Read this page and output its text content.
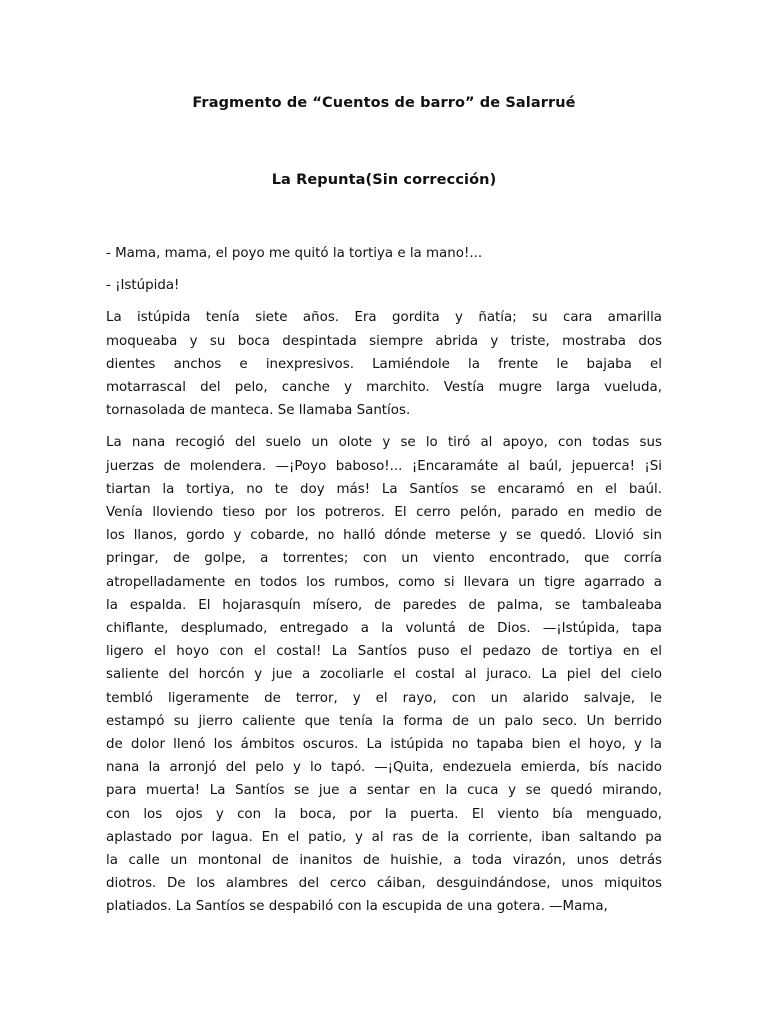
Fragmento de “Cuentos de barro” de Salarrué
La Repunta(Sin corrección)
- Mama, mama, el poyo me quitó la tortiya e la mano!...
- ¡Istúpida!
La istúpida tenía siete años. Era gordita y ñatía; su cara amarilla
moqueaba y su boca despintada siempre abrida y triste, mostraba dos
dientes anchos e inexpresivos. Lamiéndole la frente le bajaba el
motarrascal del pelo, canche y marchito. Vestía mugre larga vueluda,
tornasolada de manteca. Se llamaba Santíos.
La nana recogió del suelo un olote y se lo tiró al apoyo, con todas sus
juerzas de molendera. —¡Poyo baboso!... ¡Encaramáte al baúl, jepuerca! ¡Si
tiartan la tortiya, no te doy más! La Santíos se encaramó en el baúl.
Venía lloviendo tieso por los potreros. El cerro pelón, parado en medio de
los llanos, gordo y cobarde, no halló dónde meterse y se quedó. Llovió sin
pringar, de golpe, a torrentes; con un viento encontrado, que corría
atropelladamente en todos los rumbos, como si llevara un tigre agarrado a
la espalda. El hojarasquín mísero, de paredes de palma, se tambaleaba
chiflante, desplumado, entregado a la voluntá de Dios. —¡Istúpida, tapa
ligero el hoyo con el costal! La Santíos puso el pedazo de tortiya en el
saliente del horcón y jue a zocoliarle el costal al juraco. La piel del cielo
tembló ligeramente de terror, y el rayo, con un alarido salvaje, le
estampó su jierro caliente que tenía la forma de un palo seco. Un berrido
de dolor llenó los ámbitos oscuros. La istúpida no tapaba bien el hoyo, y la
nana la arronjó del pelo y lo tapó. —¡Quita, endezuela emierda, bís nacido
para muerta! La Santíos se jue a sentar en la cuca y se quedó mirando,
con los ojos y con la boca, por la puerta. El viento bía menguado,
aplastado por lagua. En el patio, y al ras de la corriente, iban saltando pa
la calle un montonal de inanitos de huishie, a toda virazón, unos detrás
diotros. De los alambres del cerco cáiban, desguindándose, unos miquitos
platiados. La Santíos se despabiló con la escupida de una gotera. —Mama,
